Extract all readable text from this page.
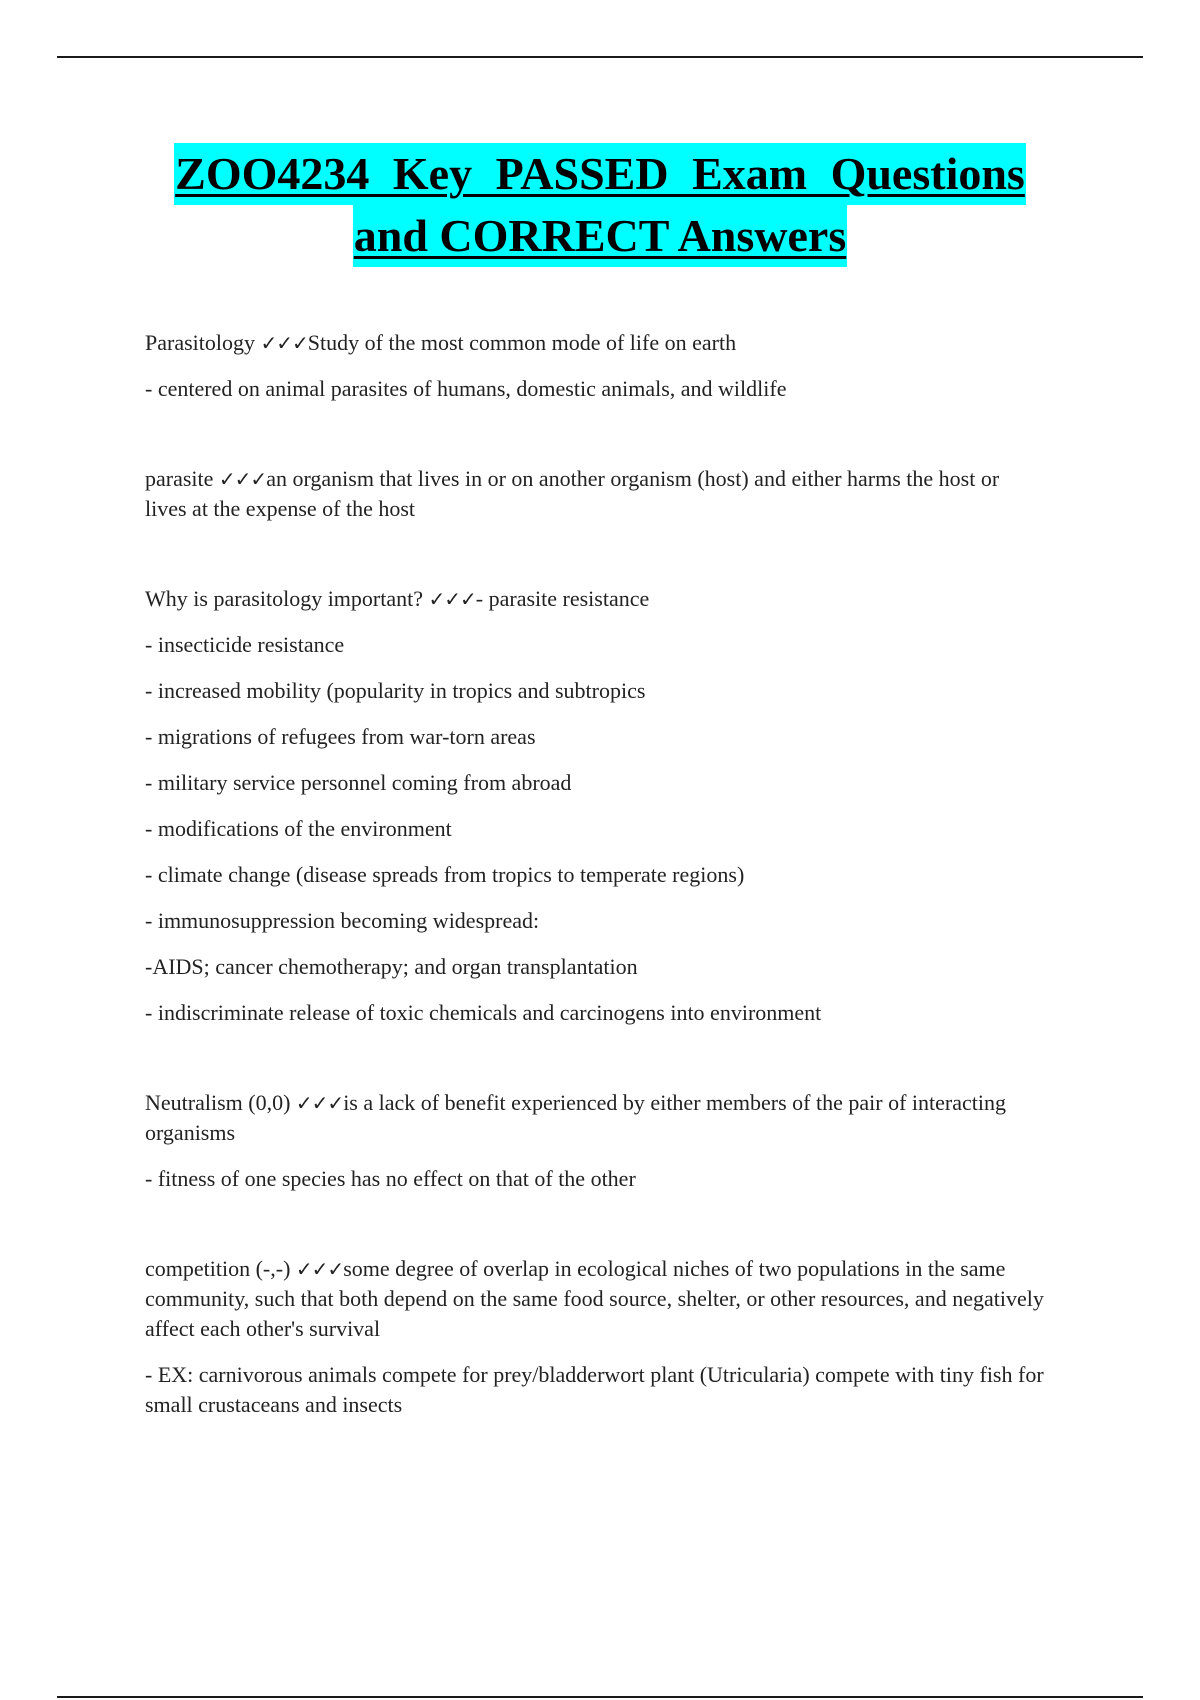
ZOO4234 Key PASSED Exam Questions
and CORRECT Answers

Parasitology ✓✓✓Study of the most common mode of life on earth

- centered on animal parasites of humans, domestic animals, and wildlife

parasite ✓✓✓an organism that lives in or on another organism (host) and either harms the host or lives at the expense of the host

Why is parasitology important? ✓✓✓- parasite resistance

- insecticide resistance

- increased mobility (popularity in tropics and subtropics

- migrations of refugees from war-torn areas

- military service personnel coming from abroad

- modifications of the environment

- climate change (disease spreads from tropics to temperate regions)

- immunosuppression becoming widespread:

-AIDS; cancer chemotherapy; and organ transplantation

- indiscriminate release of toxic chemicals and carcinogens into environment

Neutralism (0,0) ✓✓✓is a lack of benefit experienced by either members of the pair of interacting organisms

- fitness of one species has no effect on that of the other

competition (-,-) ✓✓✓some degree of overlap in ecological niches of two populations in the same community, such that both depend on the same food source, shelter, or other resources, and negatively affect each other's survival

- EX: carnivorous animals compete for prey/bladderwort plant (Utricularia) compete with tiny fish for small crustaceans and insects
